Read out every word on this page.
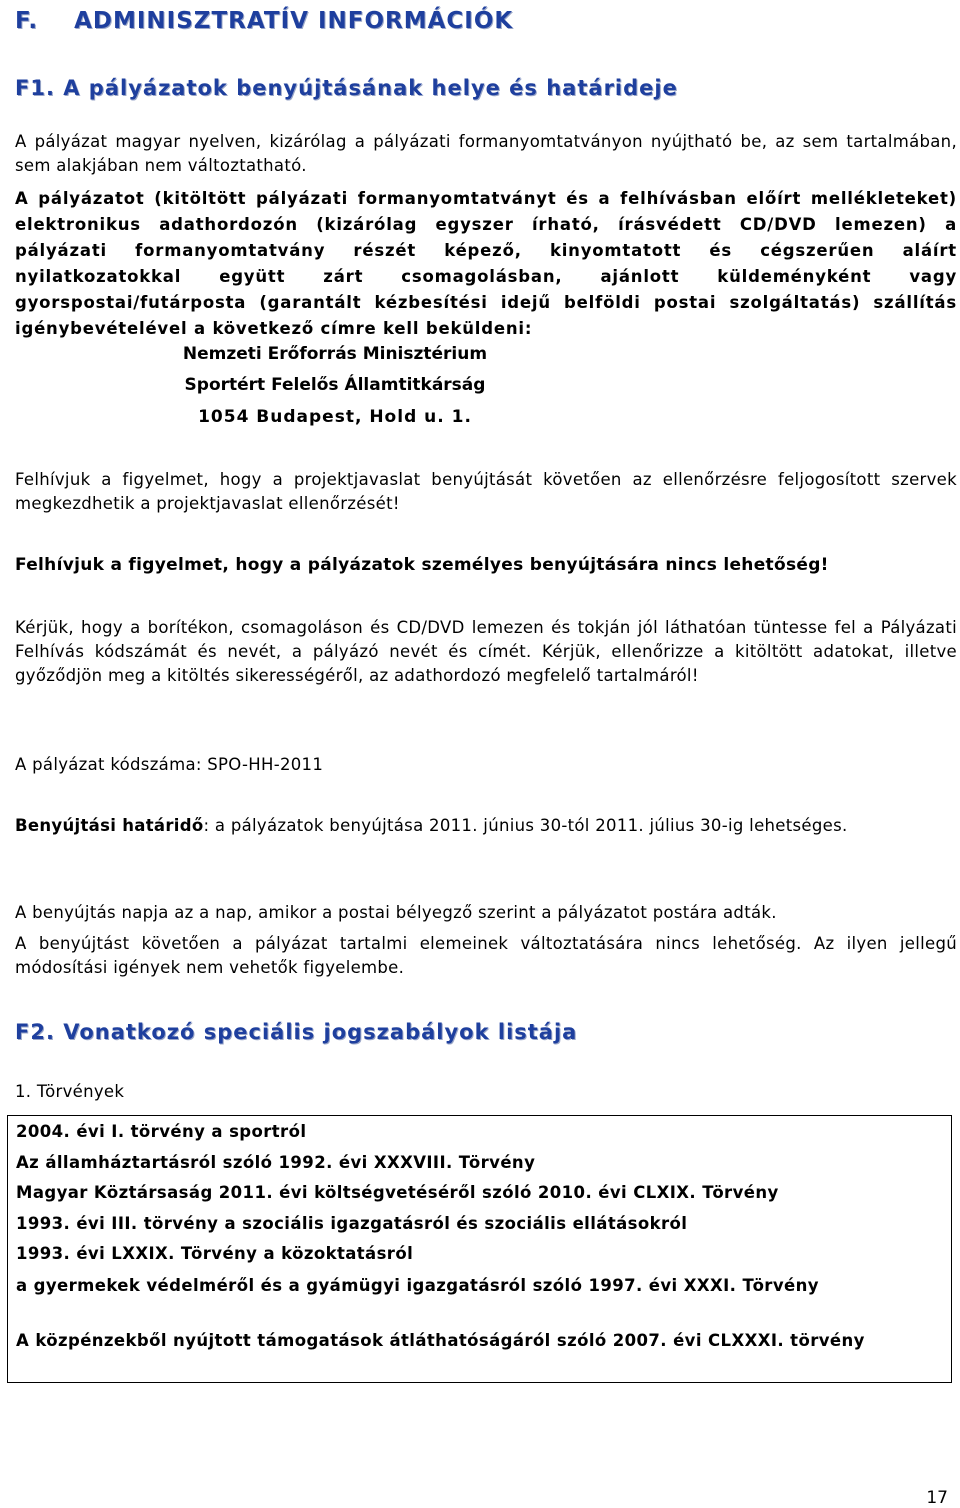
F.    ADMINISZTRATÍV INFORMÁCIÓK
F1. A pályázatok benyújtásának helye és határideje
A pályázat magyar nyelven, kizárólag a pályázati formanyomtatványon nyújtható be, az sem tartalmában, sem alakjában nem változtatható.
A pályázatot (kitöltött pályázati formanyomtatványt és a felhívásban előírt mellékleteket) elektronikus adathordozón (kizárólag egyszer írható, írásvédett CD/DVD lemezen) a pályázati formanyomtatvány részét képező, kinyomtatott és cégszerűen aláírt nyilatkozatokkal együtt zárt csomagolásban, ajánlott küldeményként vagy gyorspostai/futárposta (garantált kézbesítési idejű belföldi postai szolgáltatás) szállítás igénybevételével a következő címre kell beküldeni:
Nemzeti Erőforrás Minisztérium
Sportért Felelős Államtitkárság
1054 Budapest, Hold u. 1.
Felhívjuk a figyelmet, hogy a projektjavaslat benyújtását követően az ellenőrzésre feljogosított szervek megkezdhetik a projektjavaslat ellenőrzését!
Felhívjuk a figyelmet, hogy a pályázatok személyes benyújtására nincs lehetőség!
Kérjük, hogy a borítékon, csomagoláson és CD/DVD lemezen és tokján jól láthatóan tüntesse fel a Pályázati Felhívás kódszámát és nevét, a pályázó nevét és címét. Kérjük, ellenőrizze a kitöltött adatokat, illetve győződjön meg a kitöltés sikerességéről, az adathordozó megfelelő tartalmáról!
A pályázat kódszáma: SPO-HH-2011
Benyújtási határidő: a pályázatok benyújtása 2011. június 30-tól 2011. július 30-ig lehetséges.
A benyújtás napja az a nap, amikor a postai bélyegző szerint a pályázatot postára adták.
A benyújtást követően a pályázat tartalmi elemeinek változtatására nincs lehetőség. Az ilyen jellegű módosítási igények nem vehetők figyelembe.
F2. Vonatkozó speciális jogszabályok listája
1. Törvények
2004. évi I. törvény a sportról
Az államháztartásról szóló 1992. évi XXXVIII. Törvény
Magyar Köztársaság 2011. évi költségvetéséről szóló 2010. évi CLXIX. Törvény
1993. évi III. törvény a szociális igazgatásról és szociális ellátásokról
1993. évi LXXIX. Törvény a közoktatásról
a gyermekek védelméről és a gyámügyi igazgatásról szóló 1997. évi XXXI. Törvény
A közpénzekből nyújtott támogatások átláthatóságáról szóló 2007. évi CLXXXI. törvény
17
